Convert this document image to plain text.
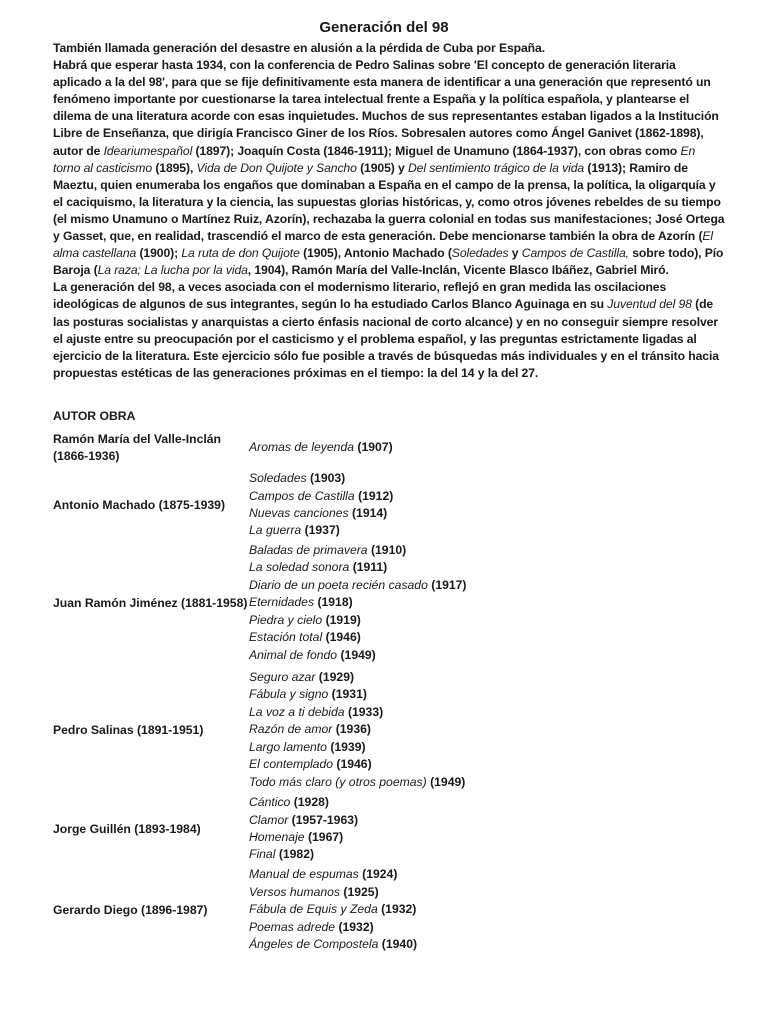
Generación del 98

También llamada generación del desastre en alusión a la pérdida de Cuba por España.

Habrá que esperar hasta 1934, con la conferencia de Pedro Salinas sobre 'El concepto de generación literaria aplicado a la del 98', para que se fije definitivamente esta manera de identificar a una generación que representó un fenómeno importante por cuestionarse la tarea intelectual frente a España y la política española, y plantearse el dilema de una literatura acorde con esas inquietudes. Muchos de sus representantes estaban ligados a la Institución Libre de Enseñanza, que dirigía Francisco Giner de los Ríos. Sobresalen autores como Ángel Ganivet (1862-1898), autor de Ideariumespañol (1897); Joaquín Costa (1846-1911); Miguel de Unamuno (1864-1937), con obras como En torno al casticismo (1895), Vida de Don Quijote y Sancho (1905) y Del sentimiento trágico de la vida (1913); Ramiro de Maeztu, quien enumeraba los engaños que dominaban a España en el campo de la prensa, la política, la oligarquía y el caciquismo, la literatura y la ciencia, las supuestas glorias históricas, y, como otros jóvenes rebeldes de su tiempo (el mismo Unamuno o Martínez Ruiz, Azorín), rechazaba la guerra colonial en todas sus manifestaciones; José Ortega y Gasset, que, en realidad, trascendió el marco de esta generación. Debe mencionarse también la obra de Azorín (El alma castellana (1900); La ruta de don Quijote (1905), Antonio Machado (Soledades y Campos de Castilla, sobre todo), Pío Baroja (La raza; La lucha por la vida, 1904), Ramón María del Valle-Inclán, Vicente Blasco Ibáñez, Gabriel Miró.

La generación del 98, a veces asociada con el modernismo literario, reflejó en gran medida las oscilaciones ideológicas de algunos de sus integrantes, según lo ha estudiado Carlos Blanco Aguinaga en su Juventud del 98 (de las posturas socialistas y anarquistas a cierto énfasis nacional de corto alcance) y en no conseguir siempre resolver el ajuste entre su preocupación por el casticismo y el problema español, y las preguntas estrictamente ligadas al ejercicio de la literatura. Este ejercicio sólo fue posible a través de búsquedas más individuales y en el tránsito hacia propuestas estéticas de las generaciones próximas en el tiempo: la del 14 y la del 27.

AUTOR OBRA
Ramón María del Valle-Inclán (1866-1936)
Aromas de leyenda (1907)
Antonio Machado (1875-1939)
Soledades (1903)
Campos de Castilla (1912)
Nuevas canciones (1914)
La guerra (1937)
Juan Ramón Jiménez (1881-1958)
Baladas de primavera (1910)
La soledad sonora (1911)
Diario de un poeta recién casado (1917)
Eternidades (1918)
Piedra y cielo (1919)
Estación total (1946)
Animal de fondo (1949)
Pedro Salinas (1891-1951)
Seguro azar (1929)
Fábula y signo (1931)
La voz a ti debida (1933)
Razón de amor (1936)
Largo lamento (1939)
El contemplado (1946)
Todo más claro (y otros poemas) (1949)
Jorge Guillén (1893-1984)
Cántico (1928)
Clamor (1957-1963)
Homenaje (1967)
Final (1982)
Gerardo Diego (1896-1987)
Manual de espumas (1924)
Versos humanos (1925)
Fábula de Equis y Zeda (1932)
Poemas adrede (1932)
Ángeles de Compostela (1940)
